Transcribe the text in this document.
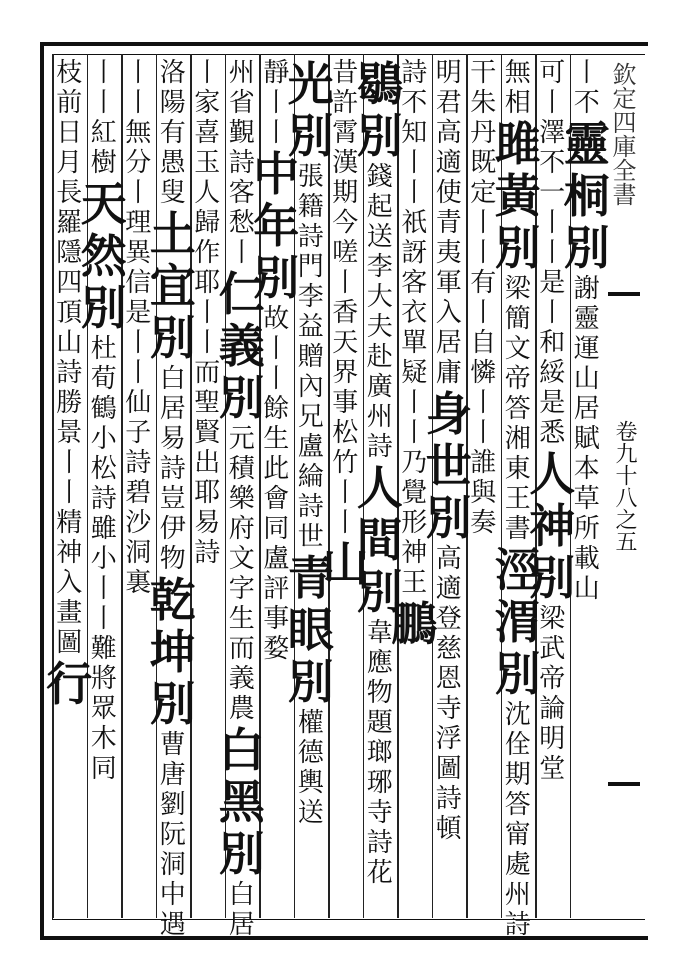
欽定四庫全書
卷九十八之五
丨
不
靈
桐
別
謝
靈
運
山
居
賦
本
草
所
載
山
可
丨
澤
不
一
丨
丨
是
丨
和
綏
是
悉
人
神
別
梁
武
帝
論
明
堂
無
相
雎
黃
別
梁
簡
文
帝
答
湘
東
王
書
涇
渭
別
沈
佺
期
答
甯
處
州
詩
干
朱
丹
既
定
丨
丨
有
丨
自
憐
丨
丨
誰
與
奏
明
君
高
適
使
青
夷
軍
入
居
庸
身
世
別
高
適
登
慈
恩
寺
浮
圖
詩
頓
詩
不
知
丨
丨
祇
訝
客
衣
單
疑
丨
丨
乃
覺
形
神
王
鵬
鶡
別
錢
起
送
李
大
夫
赴
廣
州
詩
人
間
別
韋
應
物
題
瑯
琊
寺
詩
花
昔
許
霄
漢
期
今
嗟
丨
香
天
界
事
松
竹
丨
丨
山
光
別
張
籍
詩
門
李
益
贈
內
兄
盧
綸
詩
世
青
眼
別
權
德
輿
送
靜
丨
丨
中
年
別
故
丨
丨
餘
生
此
會
同
盧
評
事
婺
州
省
覲
詩
客
愁
丨
仁
義
別
元
積
樂
府
文
字
生
而
義
農
白
黑
別
白
居
丨
家
喜
玉
人
歸
作
耶
丨
丨
而
聖
賢
出
耶
易
詩
洛
陽
有
愚
叟
土
宜
別
白
居
易
詩
豈
伊
物
乾
坤
別
曹
唐
劉
阮
洞
中
遇
丨
丨
無
分
丨
理
異
信
是
丨
丨
仙
子
詩
碧
沙
洞
裏
丨
丨
紅
樹
天
然
別
杜
荀
鶴
小
松
詩
雖
小
丨
丨
難
將
眾
木
同
枝
前
日
月
長
羅
隱
四
頂
山
詩
勝
景
丨
丨
精
神
入
畫
圖
行
